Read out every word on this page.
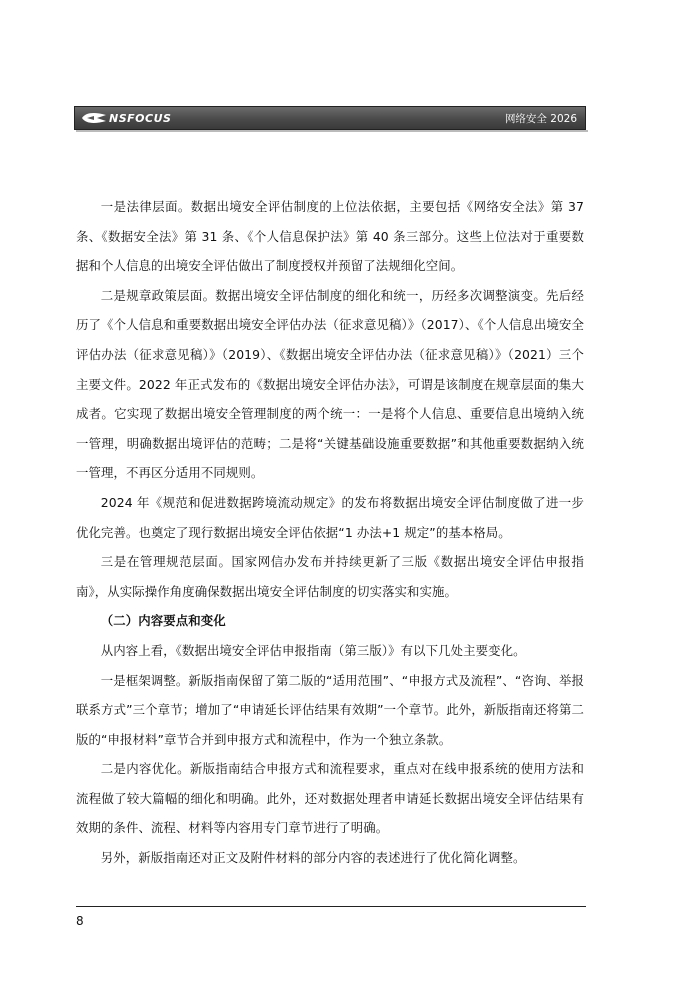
NSFOCUS	网络安全 2026

一是法律层面。数据出境安全评估制度的上位法依据，主要包括《网络安全法》第 37 条、《数据安全法》第 31 条、《个人信息保护法》第 40 条三部分。这些上位法对于重要数据和个人信息的出境安全评估做出了制度授权并预留了法规细化空间。

二是规章政策层面。数据出境安全评估制度的细化和统一，历经多次调整演变。先后经历了《个人信息和重要数据出境安全评估办法（征求意见稿）》（2017）、《个人信息出境安全评估办法（征求意见稿）》（2019）、《数据出境安全评估办法（征求意见稿）》（2021）三个主要文件。2022 年正式发布的《数据出境安全评估办法》，可谓是该制度在规章层面的集大成者。它实现了数据出境安全管理制度的两个统一：一是将个人信息、重要信息出境纳入统一管理，明确数据出境评估的范畴；二是将“关键基础设施重要数据”和其他重要数据纳入统一管理，不再区分适用不同规则。

2024 年《规范和促进数据跨境流动规定》的发布将数据出境安全评估制度做了进一步优化完善。也奠定了现行数据出境安全评估依据“1 办法+1 规定”的基本格局。

三是在管理规范层面。国家网信办发布并持续更新了三版《数据出境安全评估申报指南》，从实际操作角度确保数据出境安全评估制度的切实落实和实施。

（二）内容要点和变化

从内容上看，《数据出境安全评估申报指南（第三版）》有以下几处主要变化。

一是框架调整。新版指南保留了第二版的“适用范围”、“申报方式及流程”、“咨询、举报联系方式”三个章节；增加了“申请延长评估结果有效期”一个章节。此外，新版指南还将第二版的“申报材料”章节合并到申报方式和流程中，作为一个独立条款。

二是内容优化。新版指南结合申报方式和流程要求，重点对在线申报系统的使用方法和流程做了较大篇幅的细化和明确。此外，还对数据处理者申请延长数据出境安全评估结果有效期的条件、流程、材料等内容用专门章节进行了明确。

另外，新版指南还对正文及附件材料的部分内容的表述进行了优化简化调整。

8
